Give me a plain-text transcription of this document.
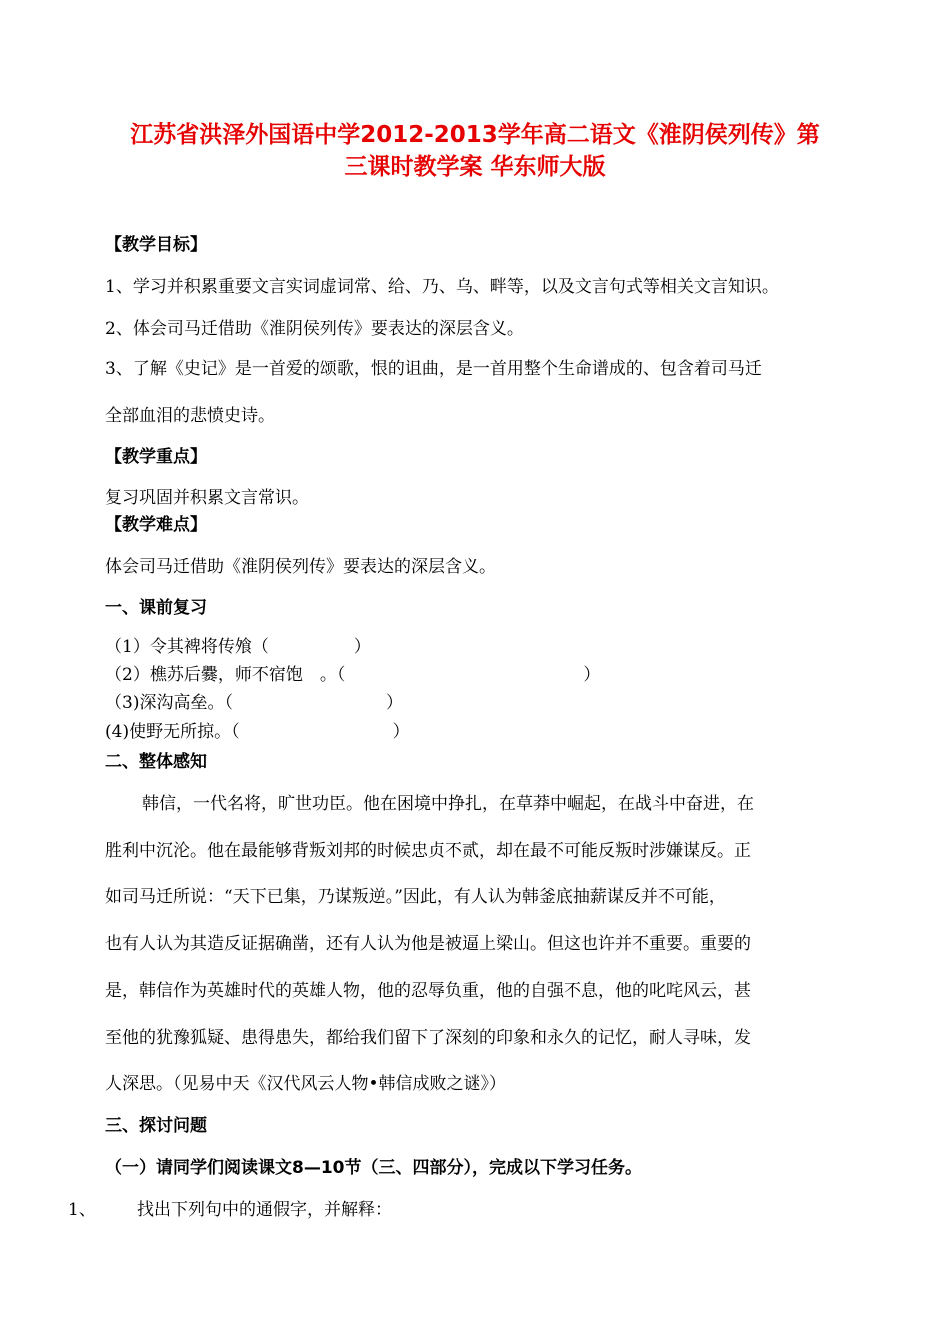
江苏省洪泽外国语中学2012-2013学年高二语文《淮阴侯列传》第
三课时教学案 华东师大版
【教学目标】
1、学习并积累重要文言实词虚词常、给、乃、乌、畔等，以及文言句式等相关文言知识。
2、体会司马迁借助《淮阴侯列传》要表达的深层含义。
3、了解《史记》是一首爱的颂歌，恨的诅曲，是一首用整个生命谱成的、包含着司马迁
全部血泪的悲愤史诗。
【教学重点】
复习巩固并积累文言常识。
【教学难点】
体会司马迁借助《淮阴侯列传》要表达的深层含义。
一、课前复习
（1）令其裨将传飧（　　　　　）
（2）樵苏后爨，师不宿饱　。（　　　　　　　　　　　　　　）
（3)深沟高垒。（　　　　　　　　　）
(4)使野无所掠。（　　　　　　　　　）
二、整体感知
韩信，一代名将，旷世功臣。他在困境中挣扎，在草莽中崛起，在战斗中奋进，在
胜利中沉沦。他在最能够背叛刘邦的时候忠贞不贰，却在最不可能反叛时涉嫌谋反。正
如司马迁所说：“天下已集，乃谋叛逆。”因此，有人认为韩釜底抽薪谋反并不可能，
也有人认为其造反证据确凿，还有人认为他是被逼上梁山。但这也许并不重要。重要的
是，韩信作为英雄时代的英雄人物，他的忍辱负重，他的自强不息，他的叱咤风云，甚
至他的犹豫狐疑、患得患失，都给我们留下了深刻的印象和永久的记忆，耐人寻味，发
人深思。（见易中天《汉代风云人物•韩信成败之谜》）
三、探讨问题
（一）请同学们阅读课文8—10节（三、四部分），完成以下学习任务。
1、 找出下列句中的通假字，并解释：
